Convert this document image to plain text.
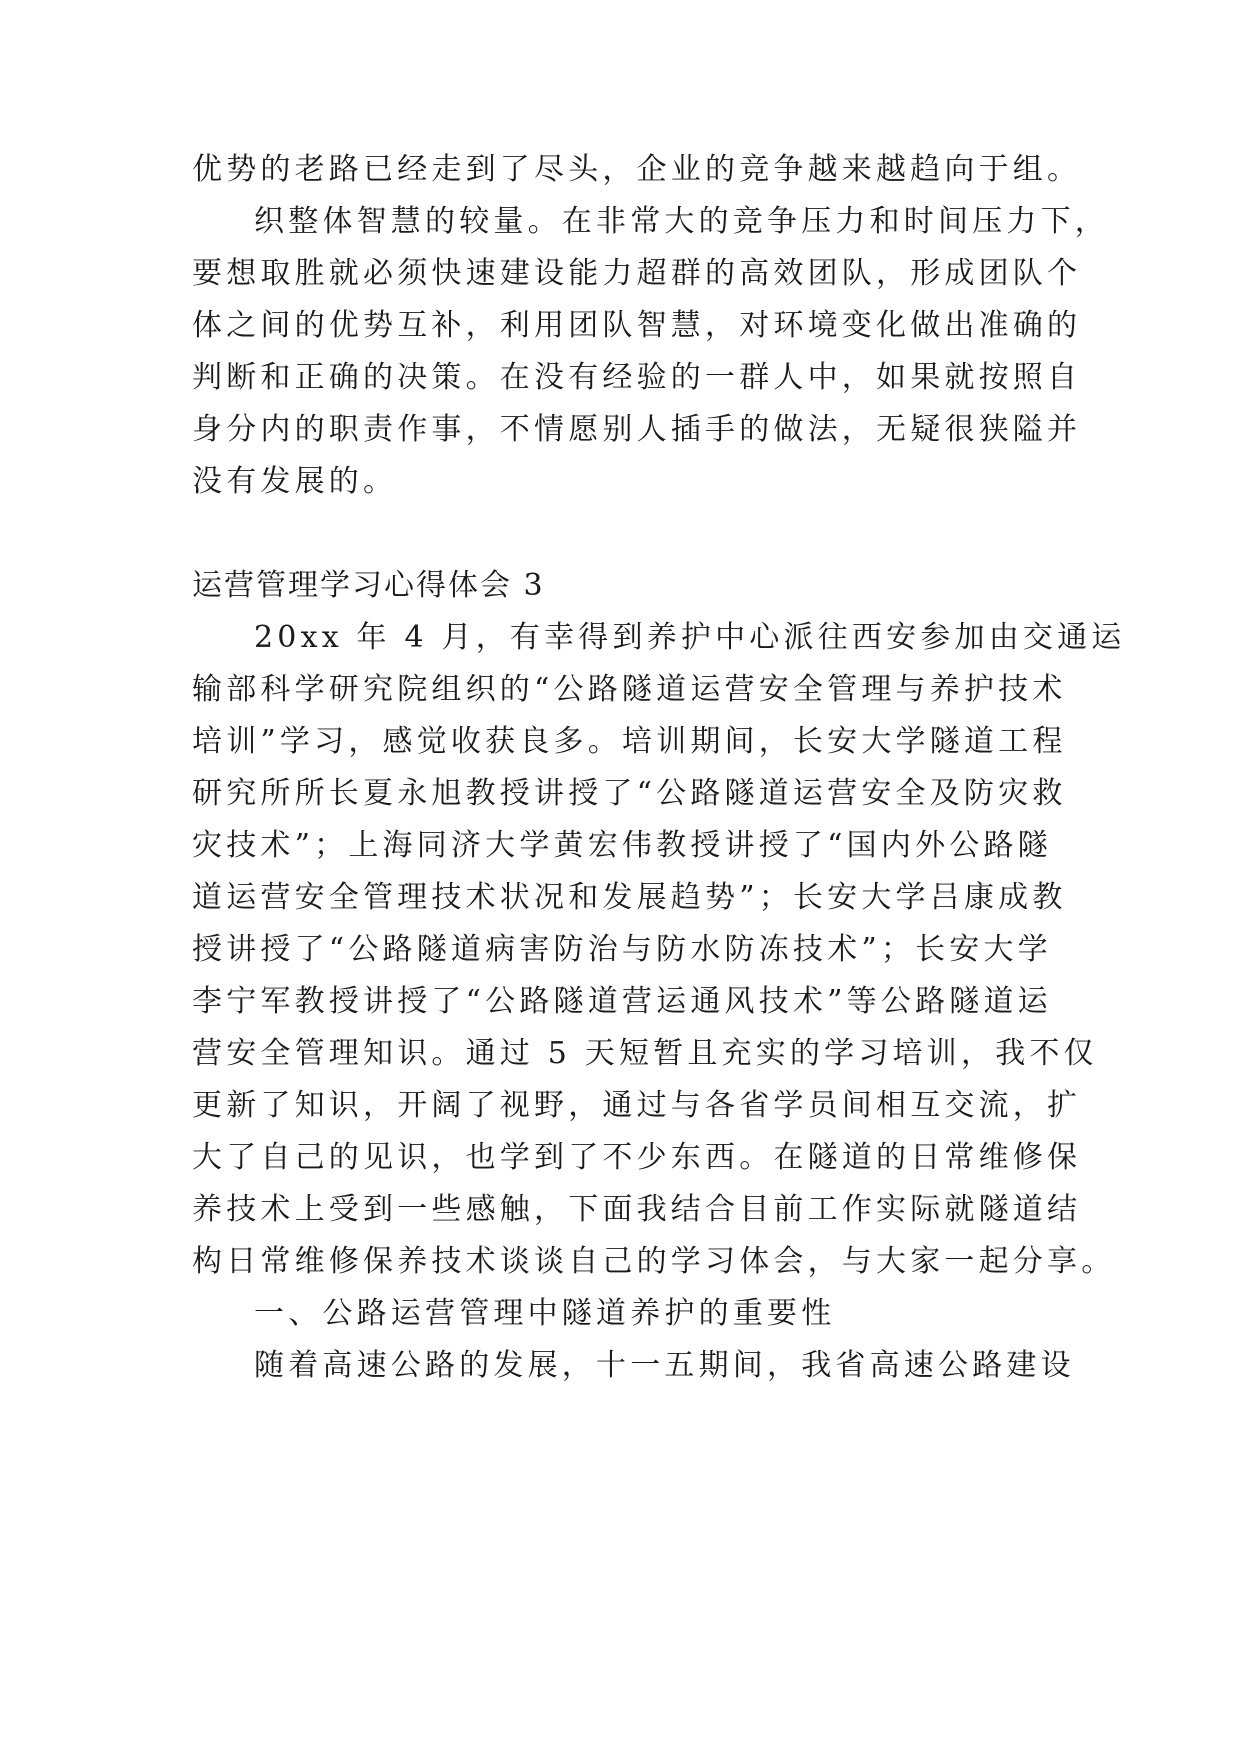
优势的老路已经走到了尽头，企业的竞争越来越趋向于组。
织整体智慧的较量。在非常大的竞争压力和时间压力下，
要想取胜就必须快速建设能力超群的高效团队，形成团队个
体之间的优势互补，利用团队智慧，对环境变化做出准确的
判断和正确的决策。在没有经验的一群人中，如果就按照自
身分内的职责作事，不情愿别人插手的做法，无疑很狭隘并
没有发展的。
运营管理学习心得体会 3
20xx 年 4 月，有幸得到养护中心派往西安参加由交通运
输部科学研究院组织的“公路隧道运营安全管理与养护技术
培训”学习，感觉收获良多。培训期间，长安大学隧道工程
研究所所长夏永旭教授讲授了“公路隧道运营安全及防灾救
灾技术”；上海同济大学黄宏伟教授讲授了“国内外公路隧
道运营安全管理技术状况和发展趋势”；长安大学吕康成教
授讲授了“公路隧道病害防治与防水防冻技术”；长安大学
李宁军教授讲授了“公路隧道营运通风技术”等公路隧道运
营安全管理知识。通过 5 天短暂且充实的学习培训，我不仅
更新了知识，开阔了视野，通过与各省学员间相互交流，扩
大了自己的见识，也学到了不少东西。在隧道的日常维修保
养技术上受到一些感触，下面我结合目前工作实际就隧道结
构日常维修保养技术谈谈自己的学习体会，与大家一起分享。
一、公路运营管理中隧道养护的重要性
随着高速公路的发展，十一五期间，我省高速公路建设
